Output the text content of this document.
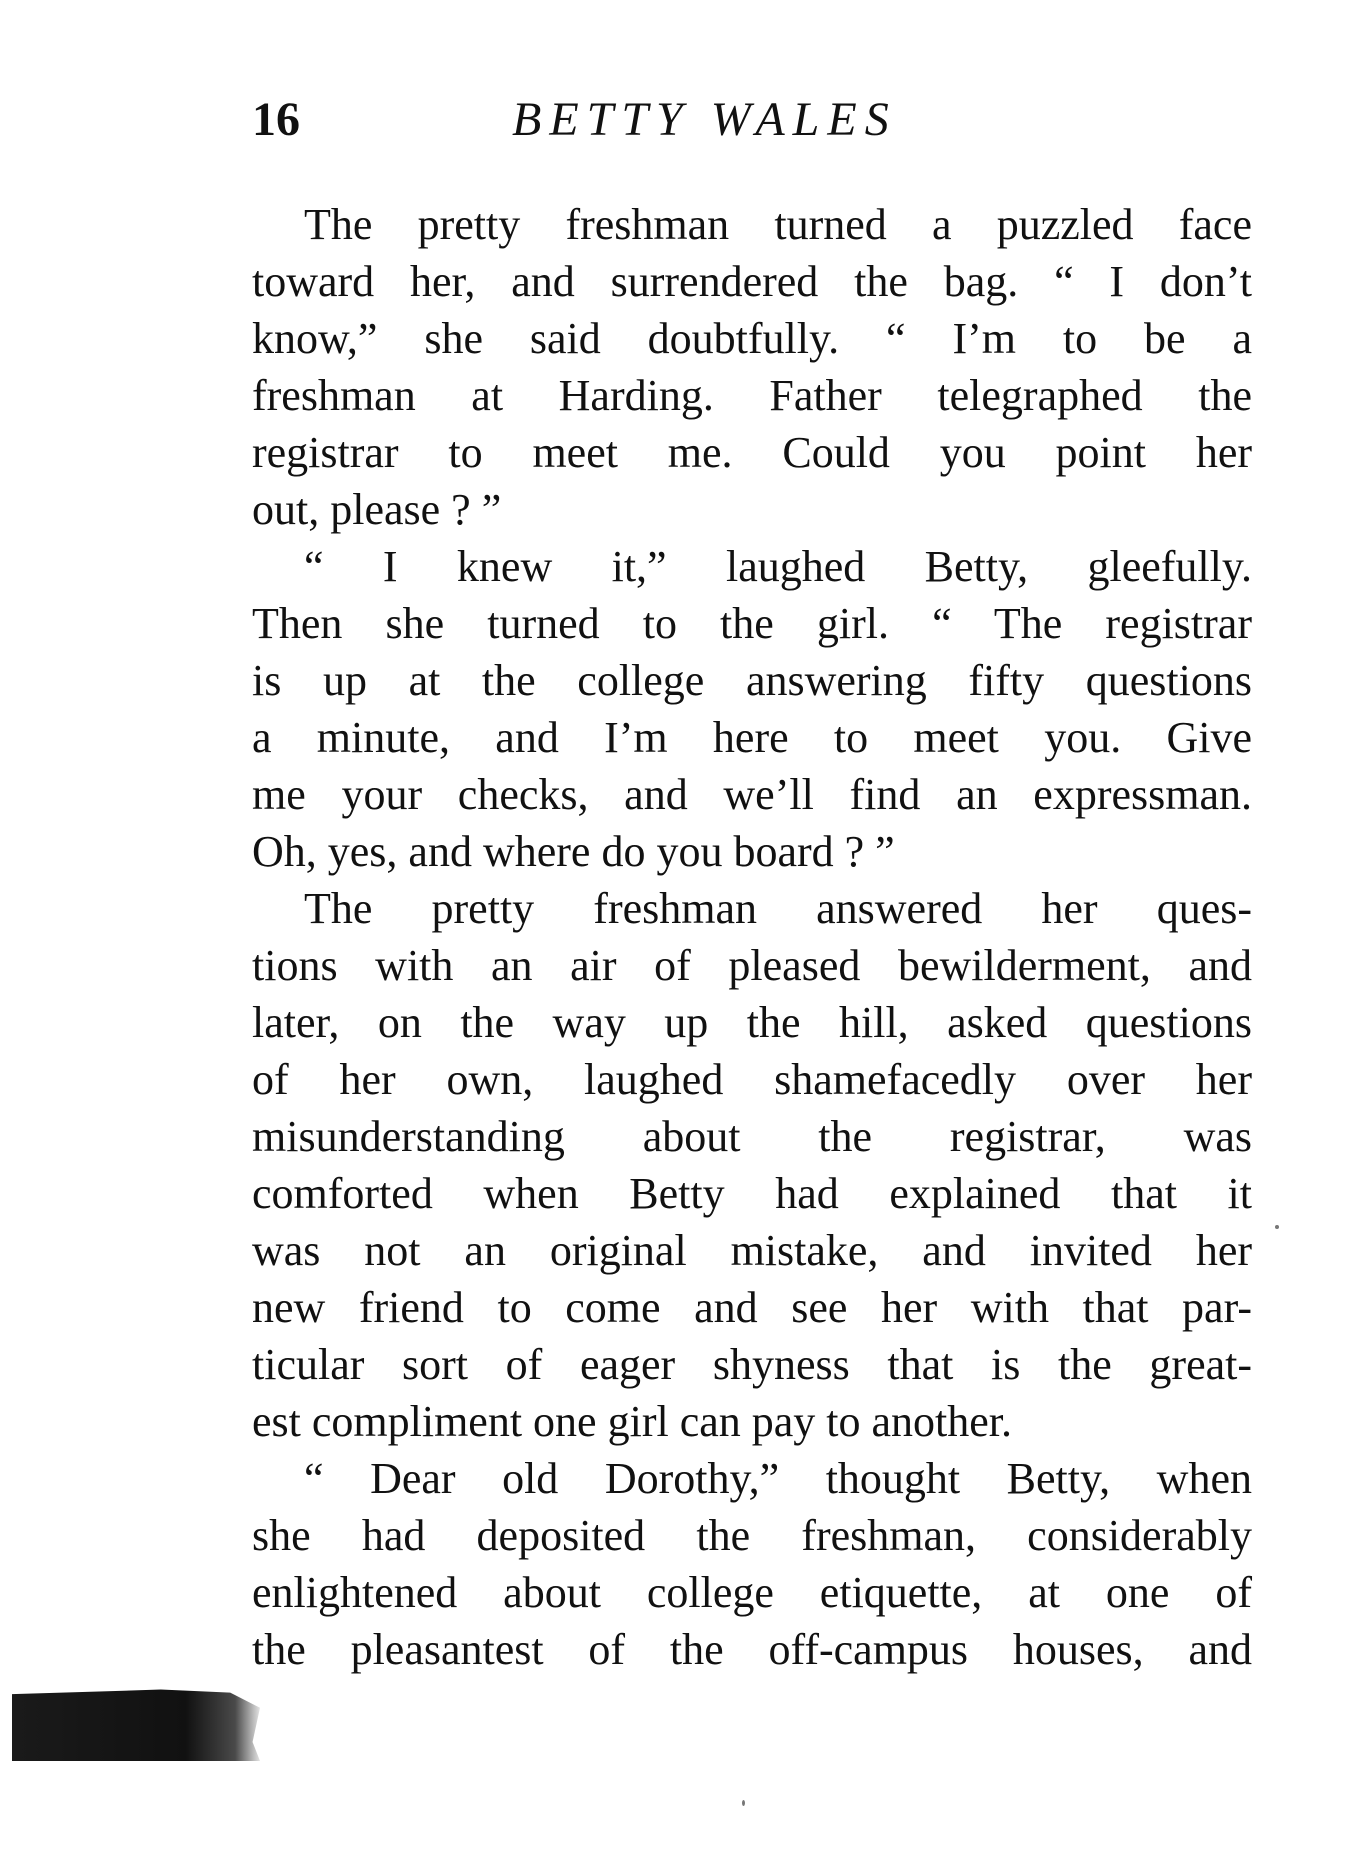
16	BETTY WALES
The pretty freshman turned a puzzled face
toward her, and surrendered the bag. “ I don’t
know,” she said doubtfully. “ I’m to be a
freshman at Harding. Father telegraphed the
registrar to meet me. Could you point her
out, please ? ”
“ I knew it,” laughed Betty, gleefully.
Then she turned to the girl. “ The registrar
is up at the college answering fifty questions
a minute, and I’m here to meet you. Give
me your checks, and we’ll find an expressman.
Oh, yes, and where do you board ? ”
The pretty freshman answered her ques-
tions with an air of pleased bewilderment, and
later, on the way up the hill, asked questions
of her own, laughed shamefacedly over her
misunderstanding about the registrar, was
comforted when Betty had explained that it
was not an original mistake, and invited her
new friend to come and see her with that par-
ticular sort of eager shyness that is the great-
est compliment one girl can pay to another.
“ Dear old Dorothy,” thought Betty, when
she had deposited the freshman, considerably
enlightened about college etiquette, at one of
the pleasantest of the off-campus houses, and
